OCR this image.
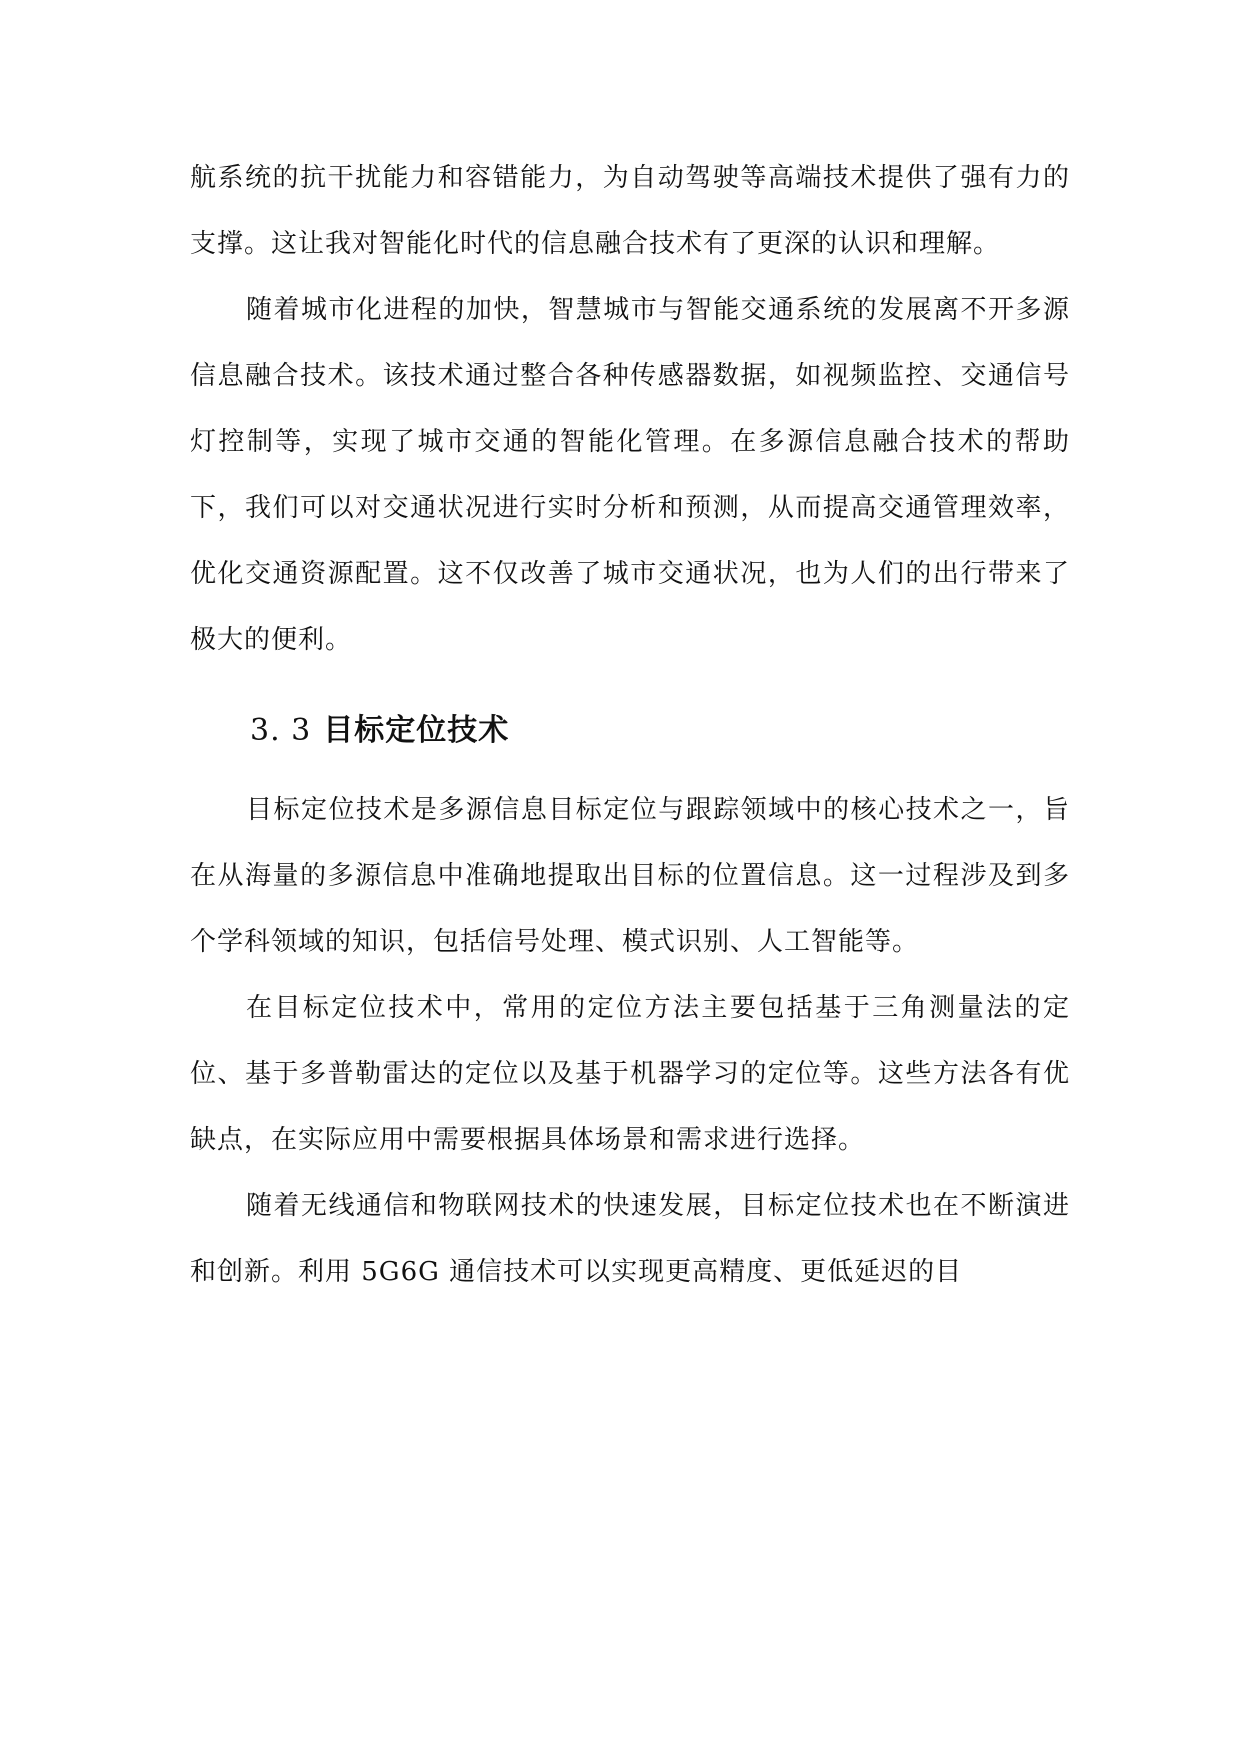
航系统的抗干扰能力和容错能力，为自动驾驶等高端技术提供了强有力的支撑。这让我对智能化时代的信息融合技术有了更深的认识和理解。

随着城市化进程的加快，智慧城市与智能交通系统的发展离不开多源信息融合技术。该技术通过整合各种传感器数据，如视频监控、交通信号灯控制等，实现了城市交通的智能化管理。在多源信息融合技术的帮助下，我们可以对交通状况进行实时分析和预测，从而提高交通管理效率，优化交通资源配置。这不仅改善了城市交通状况，也为人们的出行带来了极大的便利。

3. 3 目标定位技术

目标定位技术是多源信息目标定位与跟踪领域中的核心技术之一，旨在从海量的多源信息中准确地提取出目标的位置信息。这一过程涉及到多个学科领域的知识，包括信号处理、模式识别、人工智能等。

在目标定位技术中，常用的定位方法主要包括基于三角测量法的定位、基于多普勒雷达的定位以及基于机器学习的定位等。这些方法各有优缺点，在实际应用中需要根据具体场景和需求进行选择。

随着无线通信和物联网技术的快速发展，目标定位技术也在不断演进和创新。利用 5G6G 通信技术可以实现更高精度、更低延迟的目
